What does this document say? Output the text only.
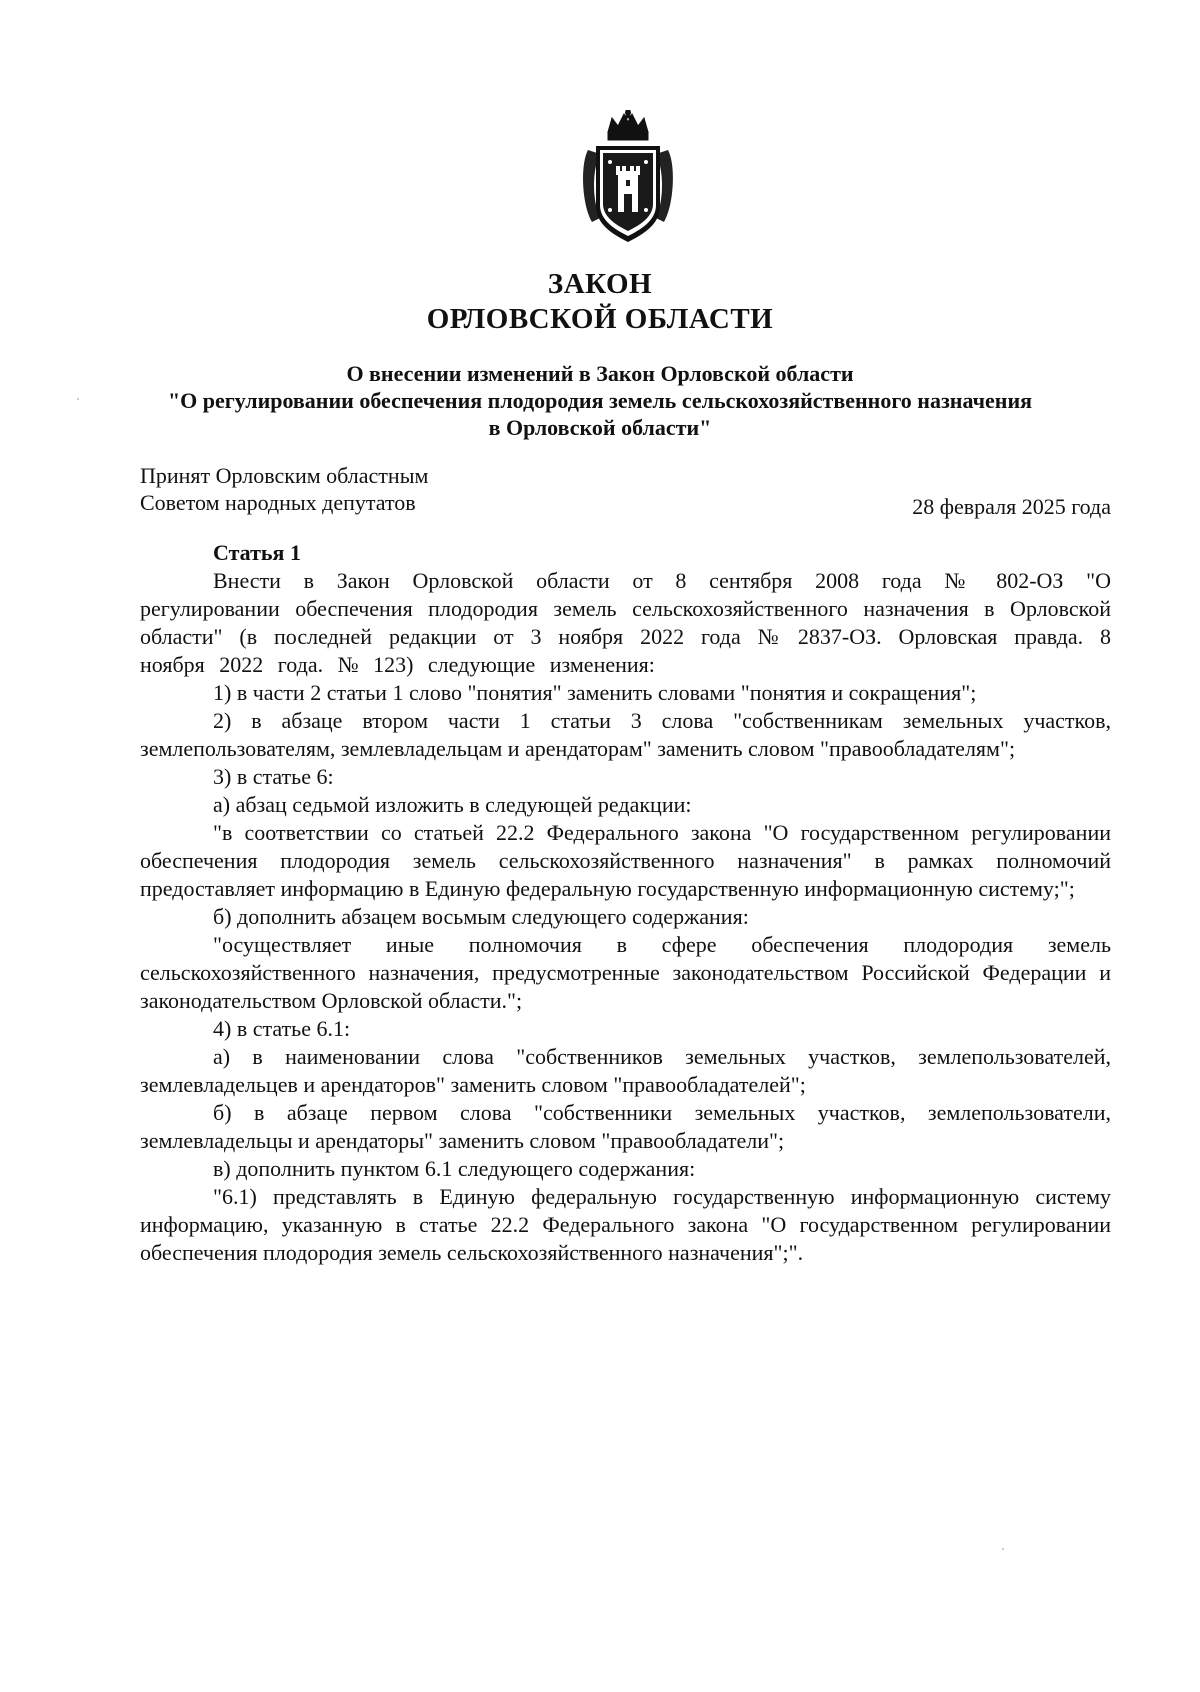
ЗАКОН
ОРЛОВСКОЙ ОБЛАСТИ
О внесении изменений в Закон Орловской области
"О регулировании обеспечения плодородия земель сельскохозяйственного назначения
в Орловской области"
Принят Орловским областным
Советом народных депутатов	28 февраля 2025 года
Статья 1

Внести в Закон Орловской области от 8 сентября 2008 года № 802-ОЗ "О регулировании обеспечения плодородия земель сельскохозяйственного назначения в Орловской области" (в последней редакции от 3 ноября 2022 года № 2837-ОЗ. Орловская правда. 8 ноября 2022 года. № 123) следующие изменения:

1) в части 2 статьи 1 слово "понятия" заменить словами "понятия и сокращения";

2) в абзаце втором части 1 статьи 3 слова "собственникам земельных участков, землепользователям, землевладельцам и арендаторам" заменить словом "правообладателям";

3) в статье 6:

а) абзац седьмой изложить в следующей редакции:

"в соответствии со статьей 22.2 Федерального закона "О государственном регулировании обеспечения плодородия земель сельскохозяйственного назначения" в рамках полномочий предоставляет информацию в Единую федеральную государственную информационную систему;";

б) дополнить абзацем восьмым следующего содержания:

"осуществляет иные полномочия в сфере обеспечения плодородия земель сельскохозяйственного назначения, предусмотренные законодательством Российской Федерации и законодательством Орловской области.";

4) в статье 6.1:

а) в наименовании слова "собственников земельных участков, землепользователей, землевладельцев и арендаторов" заменить словом "правообладателей";

б) в абзаце первом слова "собственники земельных участков, землепользователи, землевладельцы и арендаторы" заменить словом "правообладатели";

в) дополнить пунктом 6.1 следующего содержания:

"6.1) представлять в Единую федеральную государственную информационную систему информацию, указанную в статье 22.2 Федерального закона "О государственном регулировании обеспечения плодородия земель сельскохозяйственного назначения";".
